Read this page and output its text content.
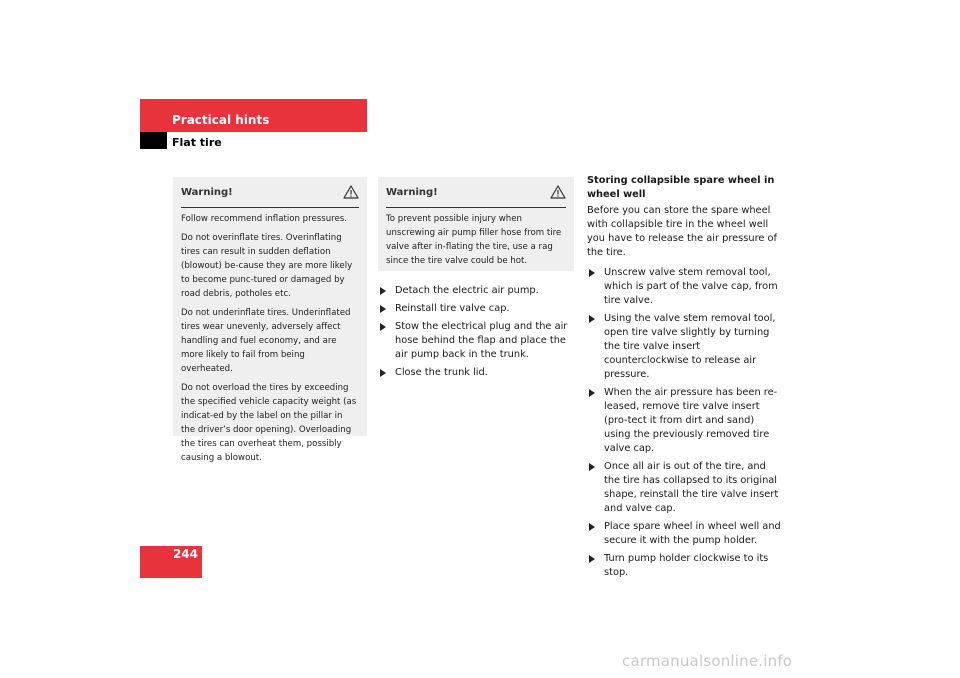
Practical hints
Flat tire
Warning!

Follow recommend inflation pressures.

Do not overinflate tires. Overinflating tires can result in sudden deflation (blowout) be-cause they are more likely to become punc-tured or damaged by road debris, potholes etc.

Do not underinflate tires. Underinflated tires wear unevenly, adversely affect handling and fuel economy, and are more likely to fail from being overheated.

Do not overload the tires by exceeding the specified vehicle capacity weight (as indicat-ed by the label on the pillar in the driver’s door opening). Overloading the tires can overheat them, possibly causing a blowout.

Warning!

To prevent possible injury when unscrewing air pump filler hose from tire valve after in-flating the tire, use a rag since the tire valve could be hot.

Detach the electric air pump.
Reinstall tire valve cap.
Stow the electrical plug and the air hose behind the flap and place the air pump back in the trunk.
Close the trunk lid.
Storing collapsible spare wheel in wheel well
Before you can store the spare wheel with collapsible tire in the wheel well you have to release the air pressure of the tire.
Unscrew valve stem removal tool, which is part of the valve cap, from tire valve.
Using the valve stem removal tool, open tire valve slightly by turning the tire valve insert counterclockwise to release air pressure.
When the air pressure has been re-leased, remove tire valve insert (pro-tect it from dirt and sand) using the previously removed tire valve cap.
Once all air is out of the tire, and the tire has collapsed to its original shape, reinstall the tire valve insert and valve cap.
Place spare wheel in wheel well and secure it with the pump holder.
Turn pump holder clockwise to its stop.
244
carmanualsonline.info
